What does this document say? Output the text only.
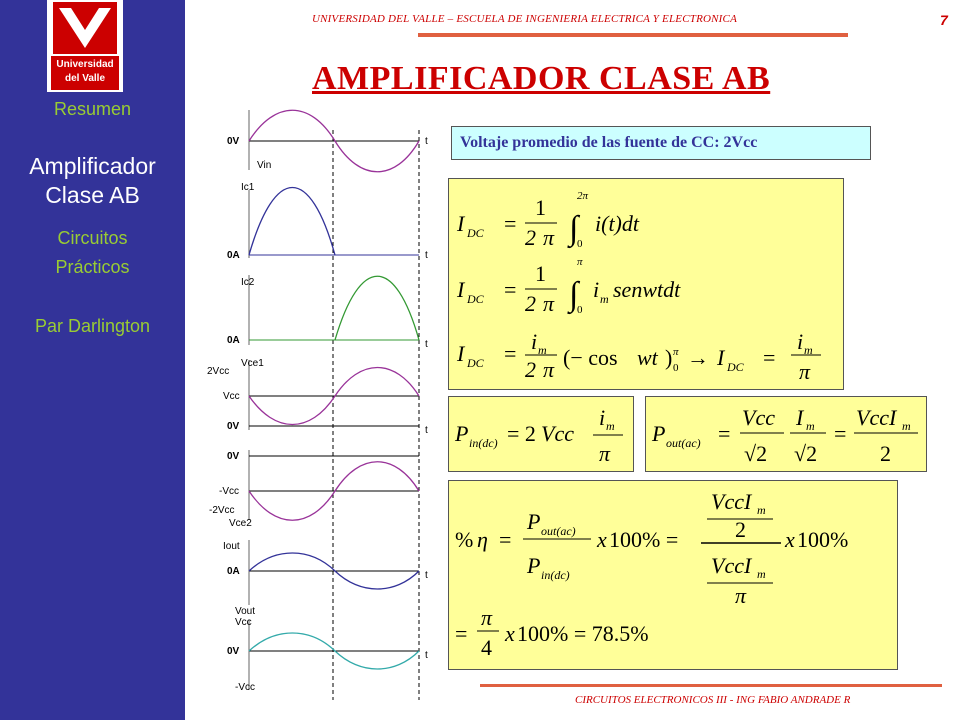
Universidad
del Valle
Resumen
Amplificador
Clase AB
Circuitos
Prácticos
Par Darlington
UNIVERSIDAD DEL VALLE – ESCUELA DE INGENIERIA ELECTRICA Y ELECTRONICA	7
AMPLIFICADOR CLASE AB
Voltaje promedio de las fuente de CC: 2Vcc
0V
Vin
t
Ic1
0A	t
Ic2
0A	t
2Vcc
Vce1
Vcc
0V	t
0V
-Vcc
-2Vcc
Vce2
Iout
0A	t
Vout
Vcc
0V	t
-Vcc
I DC =
1
2 π ∫
2π
0
i(t)dt
I DC =
1
2 π ∫
π
0
i m senwtdt
I DC = i m
2 π (− cos wt ) π
0 → I DC =
i m
π
P in(dc) = 2 Vcc
i m
π
P out(ac) =
Vcc
√2
I m
√2
=
VccI m
2
% η =
P out(ac)
P in(dc)
x 100% =
VccI m
2
VccI m
π
x 100%
=
π
4
x 100% = 78.5%
CIRCUITOS ELECTRONICOS III - ING FABIO ANDRADE R
